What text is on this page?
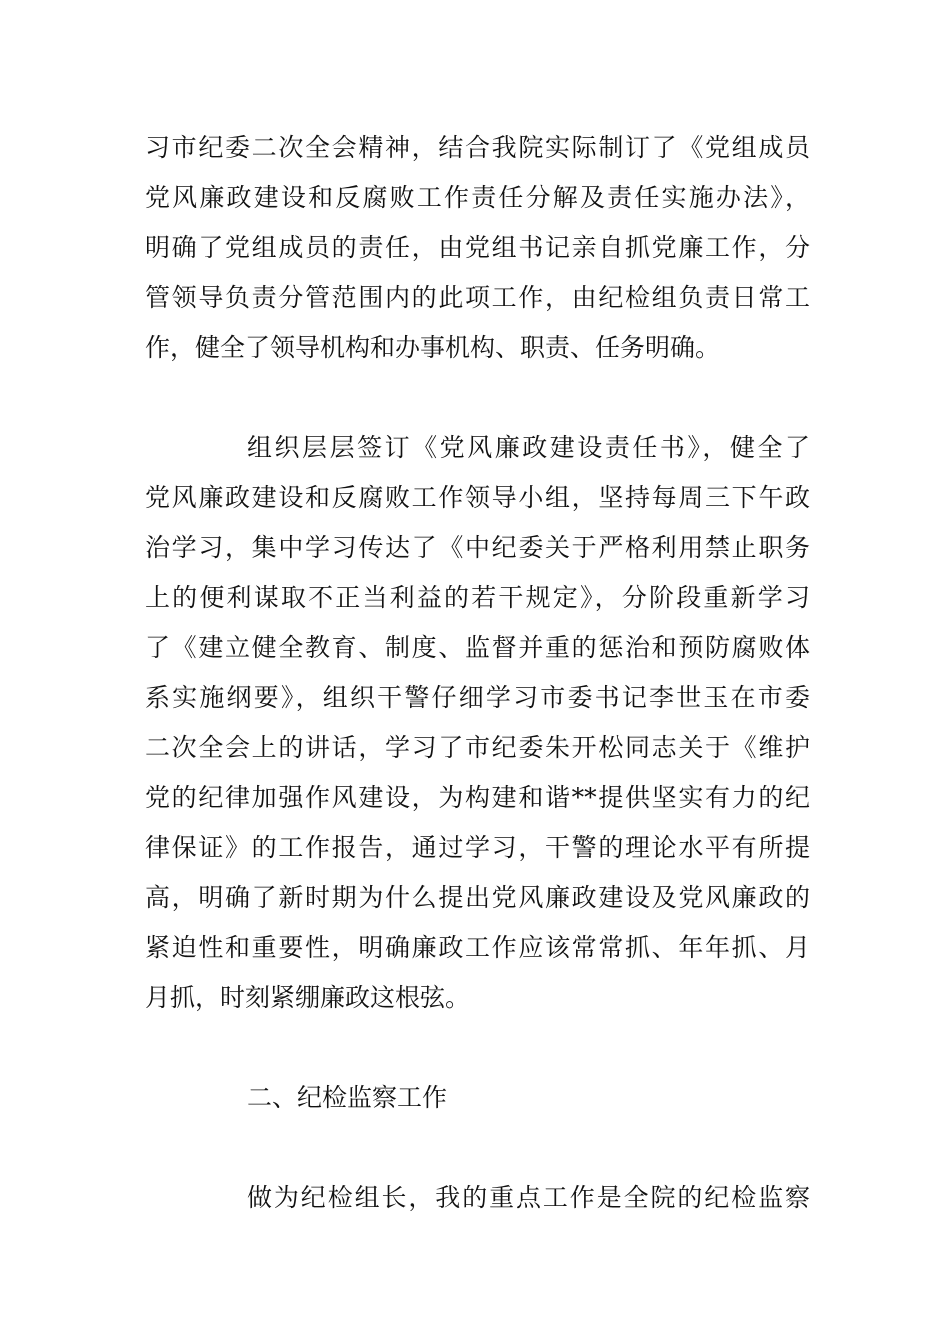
习市纪委二次全会精神，结合我院实际制订了《党组成员
党风廉政建设和反腐败工作责任分解及责任实施办法》，
明确了党组成员的责任，由党组书记亲自抓党廉工作，分
管领导负责分管范围内的此项工作，由纪检组负责日常工
作，健全了领导机构和办事机构、职责、任务明确。
组织层层签订《党风廉政建设责任书》，健全了
党风廉政建设和反腐败工作领导小组，坚持每周三下午政
治学习，集中学习传达了《中纪委关于严格利用禁止职务
上的便利谋取不正当利益的若干规定》，分阶段重新学习
了《建立健全教育、制度、监督并重的惩治和预防腐败体
系实施纲要》，组织干警仔细学习市委书记李世玉在市委
二次全会上的讲话，学习了市纪委朱开松同志关于《维护
党的纪律加强作风建设，为构建和谐**提供坚实有力的纪
律保证》的工作报告，通过学习，干警的理论水平有所提
高，明确了新时期为什么提出党风廉政建设及党风廉政的
紧迫性和重要性，明确廉政工作应该常常抓、年年抓、月
月抓，时刻紧绷廉政这根弦。
二、纪检监察工作
做为纪检组长，我的重点工作是全院的纪检监察
